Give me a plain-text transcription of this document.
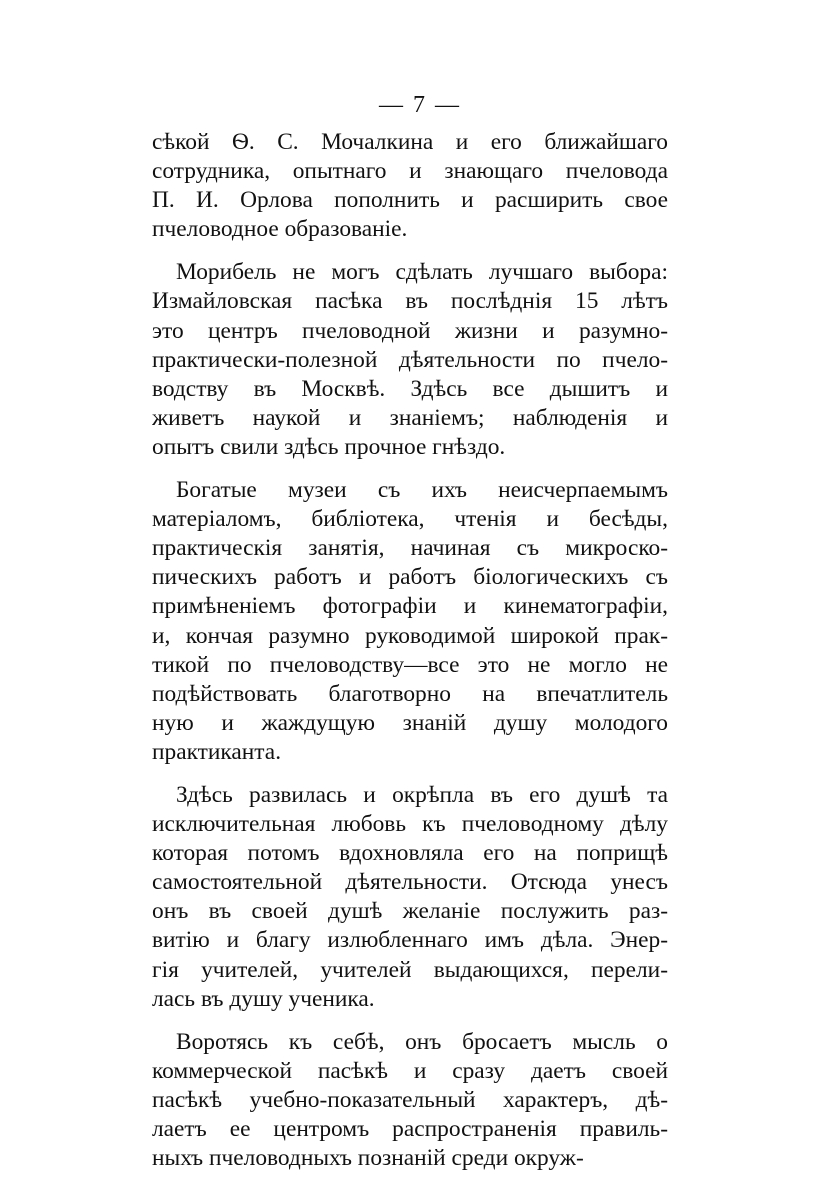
— 7 —
сѣкой Ѳ. С. Мочалкина и его ближайшаго
сотрудника, опытнаго и знающаго пчеловода
П. И. Орлова пополнить и расширить свое
пчеловодное образованіе.
Морибель не могъ сдѣлать лучшаго выбора:
Измайловская пасѣка въ послѣднія 15 лѣтъ
это центръ пчеловодной жизни и разумно-
практически-полезной дѣятельности по пчело-
водству въ Москвѣ. Здѣсь все дышитъ и
живетъ наукой и знаніемъ; наблюденія и
опытъ свили здѣсь прочное гнѣздо.
Богатые музеи съ ихъ неисчерпаемымъ
матеріаломъ, библіотека, чтенія и бесѣды,
практическія занятія, начиная съ микроско-
пическихъ работъ и работъ біологическихъ съ
примѣненіемъ фотографіи и кинематографіи,
и, кончая разумно руководимой широкой прак-
тикой по пчеловодству—все это не могло не
подѣйствовать благотворно на впечатлитель
ную и жаждущую знаній душу молодого
практиканта.
Здѣсь развилась и окрѣпла въ его душѣ та
исключительная любовь къ пчеловодному дѣлу
которая потомъ вдохновляла его на поприщѣ
самостоятельной дѣятельности. Отсюда унесъ
онъ въ своей душѣ желаніе послужить раз-
витію и благу излюбленнаго имъ дѣла. Энер-
гія учителей, учителей выдающихся, перели-
лась въ душу ученика.
Воротясь къ себѣ, онъ бросаетъ мысль о
коммерческой пасѣкѣ и сразу даетъ своей
пасѣкѣ учебно-показательный характеръ, дѣ-
лаетъ ее центромъ распространенія правиль-
ныхъ пчеловодныхъ познаній среди окруж-
